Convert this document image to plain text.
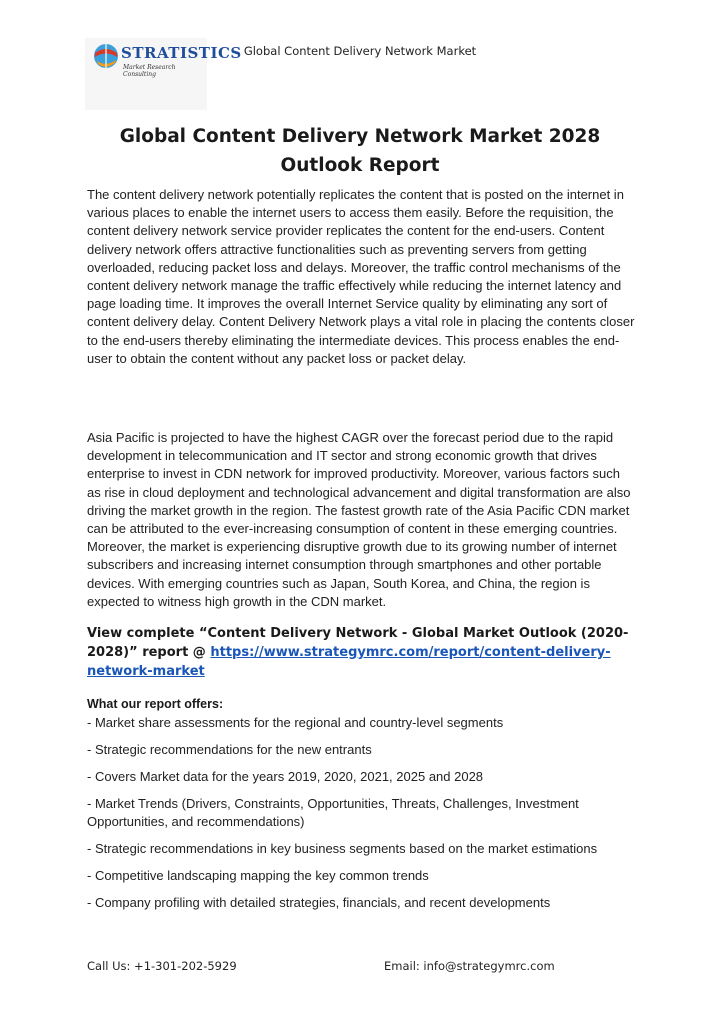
STRATISTICS
Market Research Consulting
Global Content Delivery Network Market
Global Content Delivery Network Market 2028 Outlook Report

The content delivery network potentially replicates the content that is posted on the internet in various places to enable the internet users to access them easily. Before the requisition, the content delivery network service provider replicates the content for the end-users. Content delivery network offers attractive functionalities such as preventing servers from getting overloaded, reducing packet loss and delays. Moreover, the traffic control mechanisms of the content delivery network manage the traffic effectively while reducing the internet latency and page loading time. It improves the overall Internet Service quality by eliminating any sort of content delivery delay. Content Delivery Network plays a vital role in placing the contents closer to the end-users thereby eliminating the intermediate devices. This process enables the end-user to obtain the content without any packet loss or packet delay.

Asia Pacific is projected to have the highest CAGR over the forecast period due to the rapid development in telecommunication and IT sector and strong economic growth that drives enterprise to invest in CDN network for improved productivity. Moreover, various factors such as rise in cloud deployment and technological advancement and digital transformation are also driving the market growth in the region. The fastest growth rate of the Asia Pacific CDN market can be attributed to the ever-increasing consumption of content in these emerging countries. Moreover, the market is experiencing disruptive growth due to its growing number of internet subscribers and increasing internet consumption through smartphones and other portable devices. With emerging countries such as Japan, South Korea, and China, the region is expected to witness high growth in the CDN market.

View complete “Content Delivery Network - Global Market Outlook (2020-2028)” report @ https://www.strategymrc.com/report/content-delivery-network-market

What our report offers:
- Market share assessments for the regional and country-level segments
- Strategic recommendations for the new entrants
- Covers Market data for the years 2019, 2020, 2021, 2025 and 2028
- Market Trends (Drivers, Constraints, Opportunities, Threats, Challenges, Investment Opportunities, and recommendations)
- Strategic recommendations in key business segments based on the market estimations
- Competitive landscaping mapping the key common trends
- Company profiling with detailed strategies, financials, and recent developments
Call Us: +1-301-202-5929	Email: info@strategymrc.com
